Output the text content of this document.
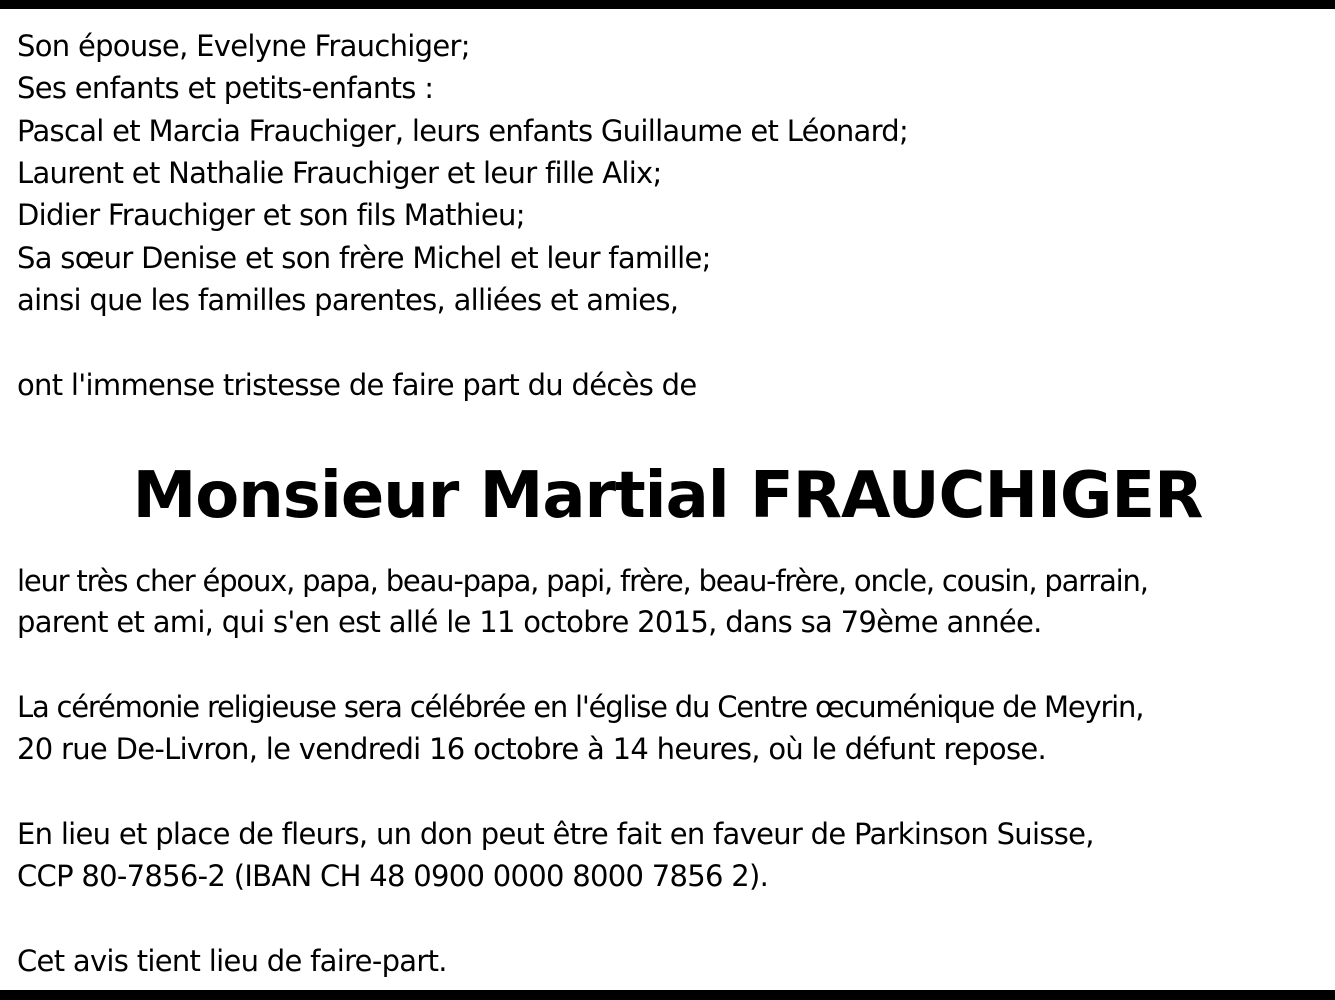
Son épouse, Evelyne Frauchiger;
Ses enfants et petits-enfants :
Pascal et Marcia Frauchiger, leurs enfants Guillaume et Léonard;
Laurent et Nathalie Frauchiger et leur fille Alix;
Didier Frauchiger et son fils Mathieu;
Sa sœur Denise et son frère Michel et leur famille;
ainsi que les familles parentes, alliées et amies,
ont l'immense tristesse de faire part du décès de
Monsieur Martial FRAUCHIGER
leur très cher époux, papa, beau-papa, papi, frère, beau-frère, oncle, cousin, parrain,
parent et ami, qui s'en est allé le 11 octobre 2015, dans sa 79ème année.
La cérémonie religieuse sera célébrée en l'église du Centre œcuménique de Meyrin,
20 rue De-Livron, le vendredi 16 octobre à 14 heures, où le défunt repose.
En lieu et place de fleurs, un don peut être fait en faveur de Parkinson Suisse,
CCP 80-7856-2 (IBAN CH 48 0900 0000 8000 7856 2).
Cet avis tient lieu de faire-part.
